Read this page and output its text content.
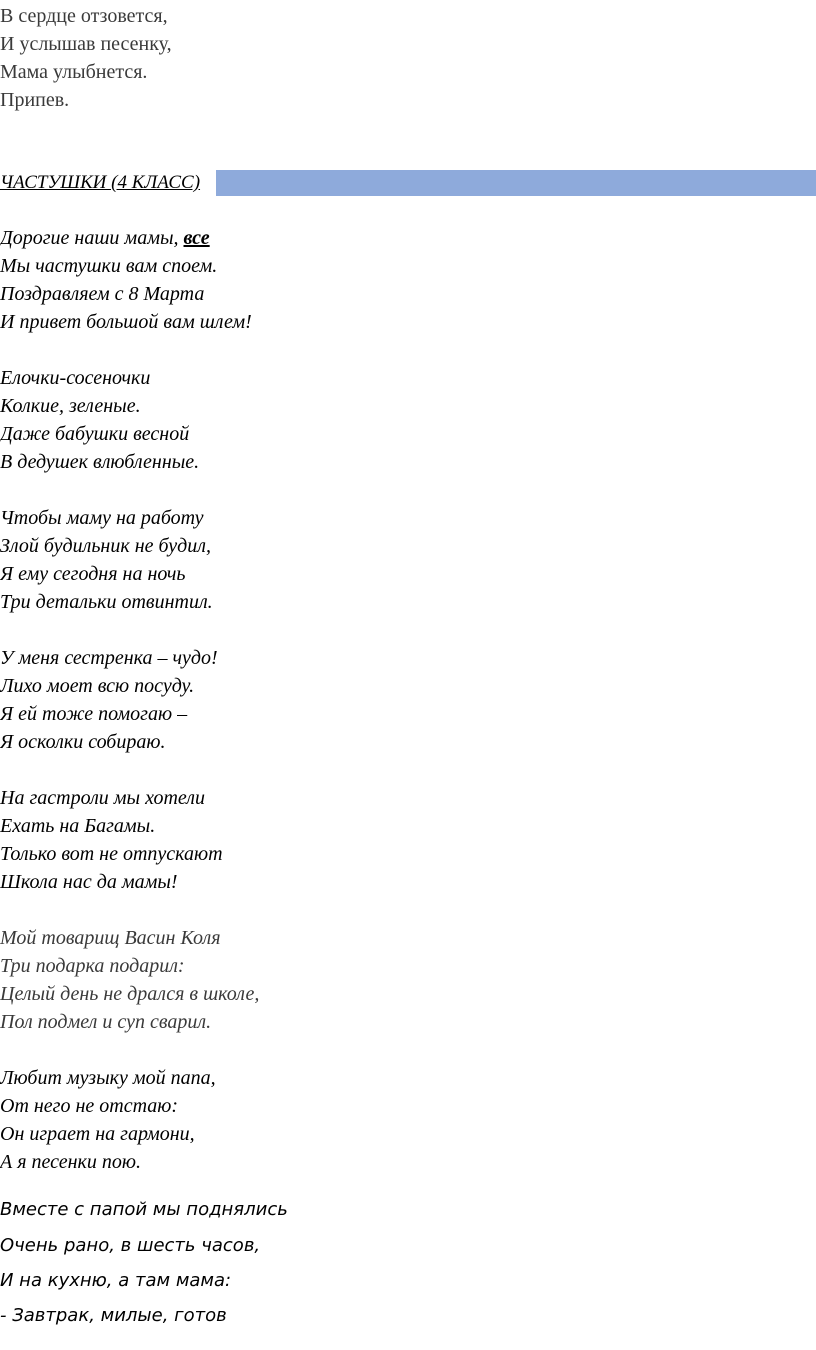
В сердце отзовется,
И услышав песенку,
Мама улыбнется.
Припев.
ЧАСТУШКИ (4 КЛАСС)
Дорогие наши мамы, все
Мы частушки вам споем.
Поздравляем с 8 Марта
И привет большой вам шлем!
Елочки-сосеночки
Колкие, зеленые.
Даже бабушки весной
В дедушек влюбленные.
Чтобы маму на работу
Злой будильник не будил,
Я ему сегодня на ночь
Три детальки отвинтил.
У меня сестренка – чудо!
Лихо моет всю посуду.
Я ей тоже помогаю –
Я осколки собираю.
На гастроли мы хотели
Ехать на Багамы.
Только вот не отпускают
Школа нас да мамы!
Мой товарищ Васин Коля
Три подарка подарил:
Целый день не дрался в школе,
Пол подмел и суп сварил.
Любит музыку мой папа,
От него не отстаю:
Он играет на гармони,
А я песенки пою.
Вместе с папой мы поднялись
Очень рано, в шесть часов,
И на кухню, а там мама:
- Завтрак, милые, готов
